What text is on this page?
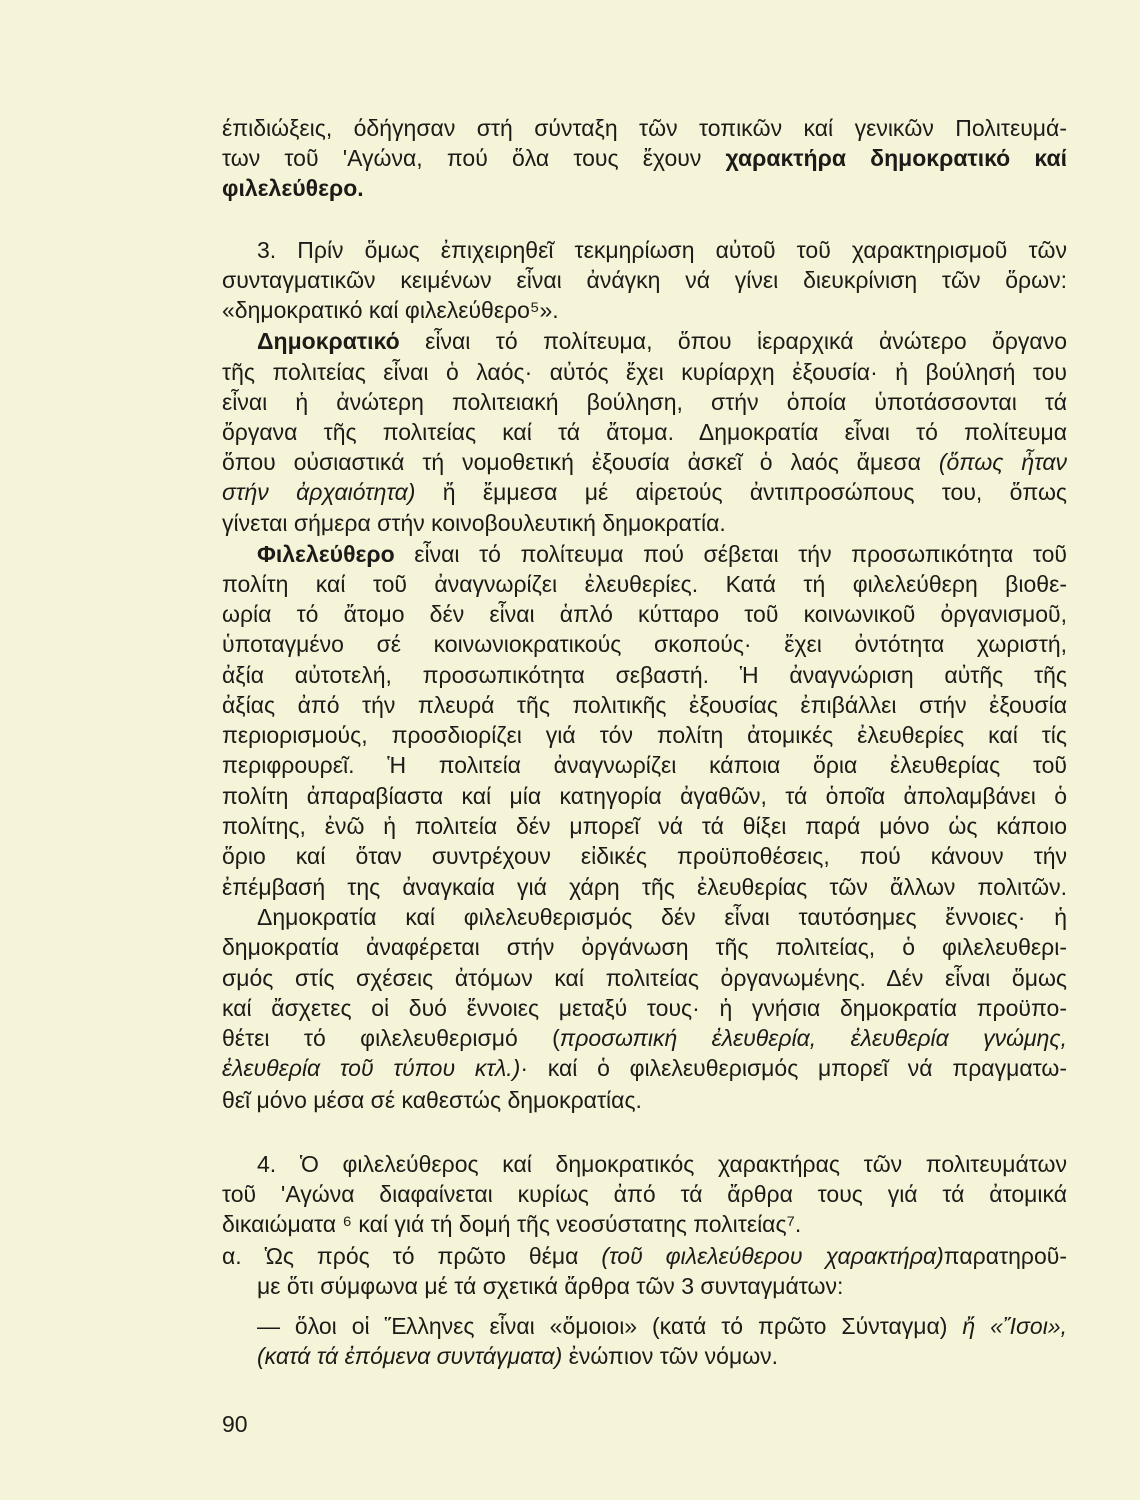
έπιδιώξεις, όδήγησαν στή σύνταξη τῶν τοπικῶν καί γενικῶν Πολιτευμά-
των τοῦ 'Αγώνα, πού ὅλα τους ἔχουν χαρακτήρα δημοκρατικό καί
φιλελεύθερο.
3. Πρίν ὅμως ἐπιχειρηθεῖ τεκμηρίωση αὐτοῦ τοῦ χαρακτηρισμοῦ τῶν
συνταγματικῶν κειμένων εἶναι ἀνάγκη νά γίνει διευκρίνιση τῶν ὅρων:
«δημοκρατικό καί φιλελεύθερο⁵».
Δημοκρατικό εἶναι τό πολίτευμα, ὅπου ἱεραρχικά ἀνώτερο ὄργανο
τῆς πολιτείας εἶναι ὁ λαός· αὐτός ἔχει κυρίαρχη ἐξουσία· ἡ βούλησή του
εἶναι ἡ ἀνώτερη πολιτειακή βούληση, στήν ὁποία ὑποτάσσονται τά
ὄργανα τῆς πολιτείας καί τά ἄτομα. Δημοκρατία εἶναι τό πολίτευμα
ὅπου οὐσιαστικά τή νομοθετική ἐξουσία ἀσκεῖ ὁ λαός ἄμεσα (ὅπως ἦταν
στήν ἀρχαιότητα) ἤ ἔμμεσα μέ αἱρετούς ἀντιπροσώπους του, ὅπως
γίνεται σήμερα στήν κοινοβουλευτική δημοκρατία.
Φιλελεύθερο εἶναι τό πολίτευμα πού σέβεται τήν προσωπικότητα τοῦ
πολίτη καί τοῦ ἀναγνωρίζει ἐλευθερίες. Κατά τή φιλελεύθερη βιοθε-
ωρία τό ἄτομο δέν εἶναι ἁπλό κύτταρο τοῦ κοινωνικοῦ ὀργανισμοῦ,
ὑποταγμένο σέ κοινωνιοκρατικούς σκοπούς· ἔχει ὀντότητα χωριστή,
ἀξία αὐτοτελή, προσωπικότητα σεβαστή. Ἡ ἀναγνώριση αὐτῆς τῆς
ἀξίας ἀπό τήν πλευρά τῆς πολιτικῆς ἐξουσίας ἐπιβάλλει στήν ἐξουσία
περιορισμούς, προσδιορίζει γιά τόν πολίτη ἀτομικές ἐλευθερίες καί τίς
περιφρουρεῖ. Ἡ πολιτεία ἀναγνωρίζει κάποια ὅρια ἐλευθερίας τοῦ
πολίτη ἀπαραβίαστα καί μία κατηγορία ἀγαθῶν, τά ὁποῖα ἀπολαμβάνει ὁ
πολίτης, ἐνῶ ἡ πολιτεία δέν μπορεῖ νά τά θίξει παρά μόνο ὡς κάποιο
ὅριο καί ὅταν συντρέχουν εἰδικές προϋποθέσεις, πού κάνουν τήν
ἐπέμβασή της ἀναγκαία γιά χάρη τῆς ἐλευθερίας τῶν ἄλλων πολιτῶν.
Δημοκρατία καί φιλελευθερισμός δέν εἶναι ταυτόσημες ἔννοιες· ἡ
δημοκρατία ἀναφέρεται στήν ὀργάνωση τῆς πολιτείας, ὁ φιλελευθερι-
σμός στίς σχέσεις ἀτόμων καί πολιτείας ὀργανωμένης. Δέν εἶναι ὅμως
καί ἄσχετες οἱ δυό ἔννοιες μεταξύ τους· ἡ γνήσια δημοκρατία προϋπο-
θέτει τό φιλελευθερισμό (προσωπική ἐλευθερία, ἐλευθερία γνώμης,
ἐλευθερία τοῦ τύπου κτλ.)· καί ὁ φιλελευθερισμός μπορεῖ νά πραγματω-
θεῖ μόνο μέσα σέ καθεστώς δημοκρατίας.
4. Ὁ φιλελεύθερος καί δημοκρατικός χαρακτήρας τῶν πολιτευμάτων
τοῦ 'Αγώνα διαφαίνεται κυρίως ἀπό τά ἄρθρα τους γιά τά ἀτομικά
δικαιώματα ⁶ καί γιά τή δομή τῆς νεοσύστατης πολιτείας⁷.
α. Ὡς πρός τό πρῶτο θέμα (τοῦ φιλελεύθερου χαρακτήρα)παρατηροῦ-
με ὅτι σύμφωνα μέ τά σχετικά ἄρθρα τῶν 3 συνταγμάτων:
— ὅλοι οἱ Ἕλληνες εἶναι «ὅμοιοι» (κατά τό πρῶτο Σύνταγμα) ἤ «Ἴσοι»,
(κατά τά ἐπόμενα συντάγματα) ἐνώπιον τῶν νόμων.
90
